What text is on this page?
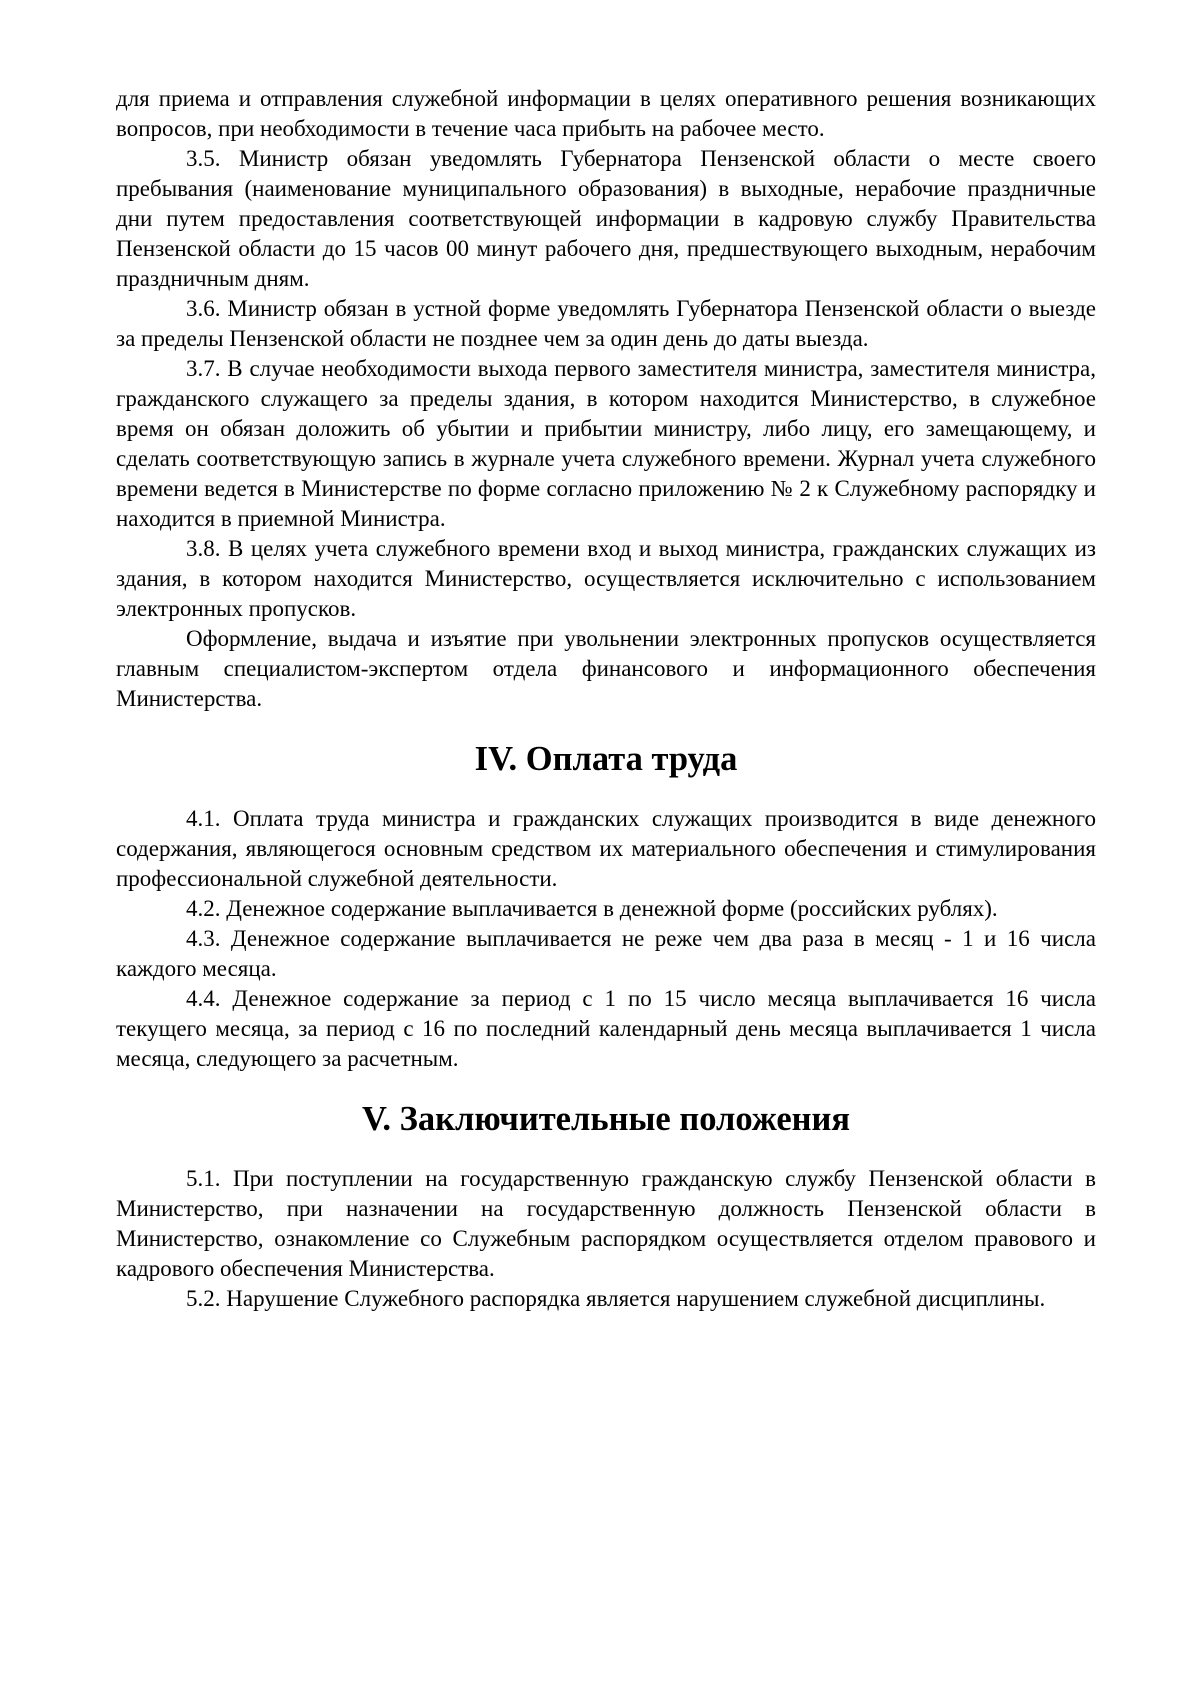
для приема и отправления служебной информации в целях оперативного решения возникающих вопросов, при необходимости в течение часа прибыть на рабочее место.

3.5. Министр обязан уведомлять Губернатора Пензенской области о месте своего пребывания (наименование муниципального образования) в выходные, нерабочие праздничные дни путем предоставления соответствующей информации в кадровую службу Правительства Пензенской области до 15 часов 00 минут рабочего дня, предшествующего выходным, нерабочим праздничным дням.

3.6. Министр обязан в устной форме уведомлять Губернатора Пензенской области о выезде за пределы Пензенской области не позднее чем за один день до даты выезда.

3.7. В случае необходимости выхода первого заместителя министра, заместителя министра, гражданского служащего за пределы здания, в котором находится Министерство, в служебное время он обязан доложить об убытии и прибытии министру, либо лицу, его замещающему, и сделать соответствующую запись в журнале учета служебного времени. Журнал учета служебного времени ведется в Министерстве по форме согласно приложению № 2 к Служебному распорядку и находится в приемной Министра.

3.8. В целях учета служебного времени вход и выход министра, гражданских служащих из здания, в котором находится Министерство, осуществляется исключительно с использованием электронных пропусков.

Оформление, выдача и изъятие при увольнении электронных пропусков осуществляется главным специалистом-экспертом отдела финансового и информационного обеспечения Министерства.

IV. Оплата труда

4.1. Оплата труда министра и гражданских служащих производится в виде денежного содержания, являющегося основным средством их материального обеспечения и стимулирования профессиональной служебной деятельности.

4.2. Денежное содержание выплачивается в денежной форме (российских рублях).

4.3. Денежное содержание выплачивается не реже чем два раза в месяц - 1 и 16 числа каждого месяца.

4.4. Денежное содержание за период с 1 по 15 число месяца выплачивается 16 числа текущего месяца, за период с 16 по последний календарный день месяца выплачивается 1 числа месяца, следующего за расчетным.

V. Заключительные положения

5.1. При поступлении на государственную гражданскую службу Пензенской области в Министерство, при назначении на государственную должность Пензенской области в Министерство, ознакомление со Служебным распорядком осуществляется отделом правового и кадрового обеспечения Министерства.

5.2. Нарушение Служебного распорядка является нарушением служебной дисциплины.
